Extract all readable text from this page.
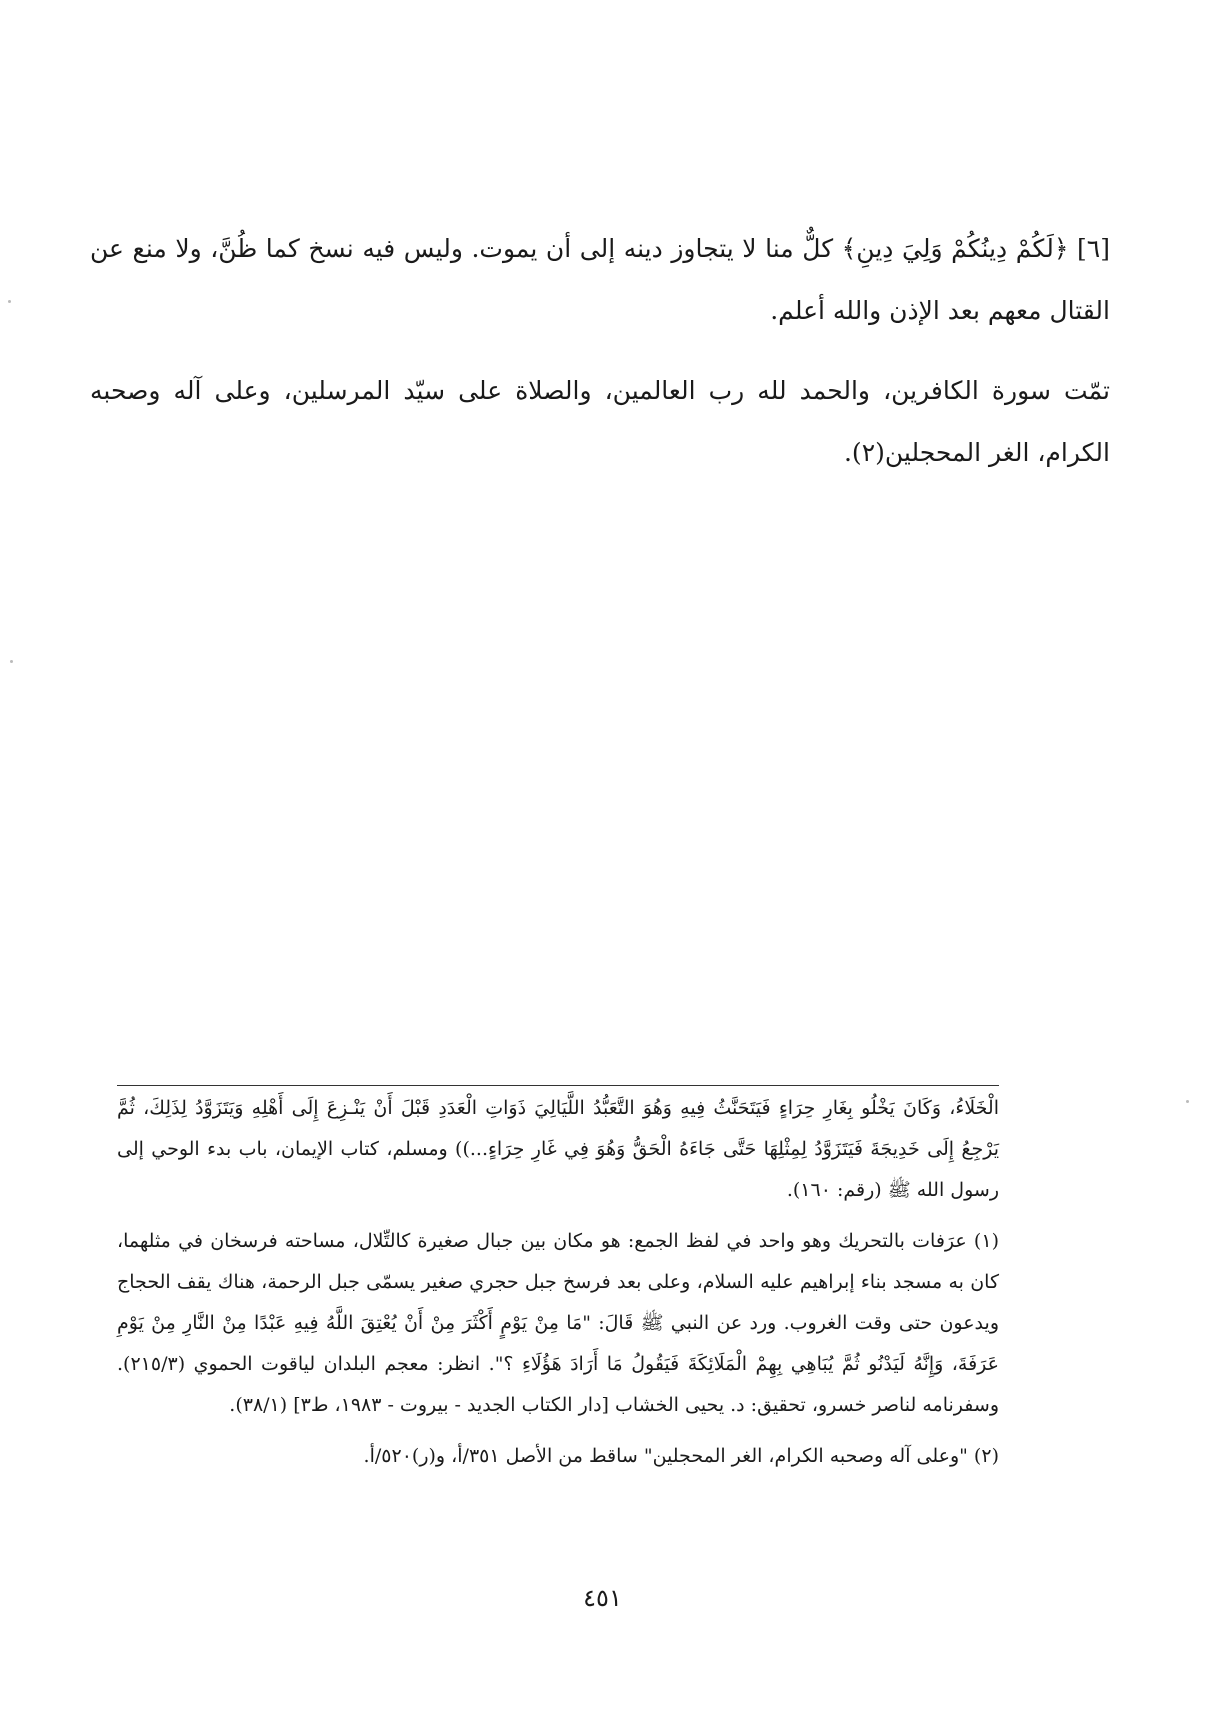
[٦] ﴿لَكُمْ دِينُكُمْ وَلِيَ دِينِ﴾ كلٌّ منا لا يتجاوز دينه إلى أن يموت. وليس فيه نسخ كما ظُنَّ، ولا منع عن القتال معهم بعد الإذن والله أعلم.

تمّت سورة الكافرين، والحمد لله رب العالمين، والصلاة على سيّد المرسلين، وعلى آله وصحبه الكرام، الغر المحجلين(٢).

الْخَلَاءُ، وَكَانَ يَخْلُو بِغَارِ حِرَاءٍ فَيَتَحَنَّثُ فِيهِ وَهُوَ التَّعَبُّدُ اللَّيَالِيَ ذَوَاتِ الْعَدَدِ قَبْلَ أَنْ يَنْـزِعَ إِلَى أَهْلِهِ وَيَتَزَوَّدُ لِذَلِكَ، ثُمَّ يَرْجِعُ إِلَى خَدِيجَةَ فَيَتَزَوَّدُ لِمِثْلِهَا حَتَّى جَاءَهُ الْحَقُّ وَهُوَ فِي غَارِ حِرَاءٍ...)) ومسلم، كتاب الإيمان، باب بدء الوحي إلى رسول الله ﷺ (رقم: ١٦٠).

(١) عرَفات بالتحريك وهو واحد في لفظ الجمع: هو مكان بين جبال صغيرة كالتِّلال، مساحته فرسخان في مثلهما، كان به مسجد بناء إبراهيم عليه السلام، وعلى بعد فرسخ جبل حجري صغير يسمّى جبل الرحمة، هناك يقف الحجاج ويدعون حتى وقت الغروب. ورد عن النبي ﷺ قَالَ: "مَا مِنْ يَوْمٍ أَكْثَرَ مِنْ أَنْ يُعْتِقَ اللَّهُ فِيهِ عَبْدًا مِنْ النَّارِ مِنْ يَوْمِ عَرَفَةَ، وَإِنَّهُ لَيَدْنُو ثُمَّ يُبَاهِي بِهِمْ الْمَلَائِكَةَ فَيَقُولُ مَا أَرَادَ هَؤُلَاءِ ؟". انظر: معجم البلدان لياقوت الحموي (٢١٥/٣). وسفرنامه لناصر خسرو، تحقيق: د. يحيى الخشاب [دار الكتاب الجديد - بيروت - ١٩٨٣، ط٣] (٣٨/١).

(٢) "وعلى آله وصحبه الكرام، الغر المحجلين" ساقط من الأصل ٣٥١/أ، و(ر)٥٢٠/أ.

٤٥١
